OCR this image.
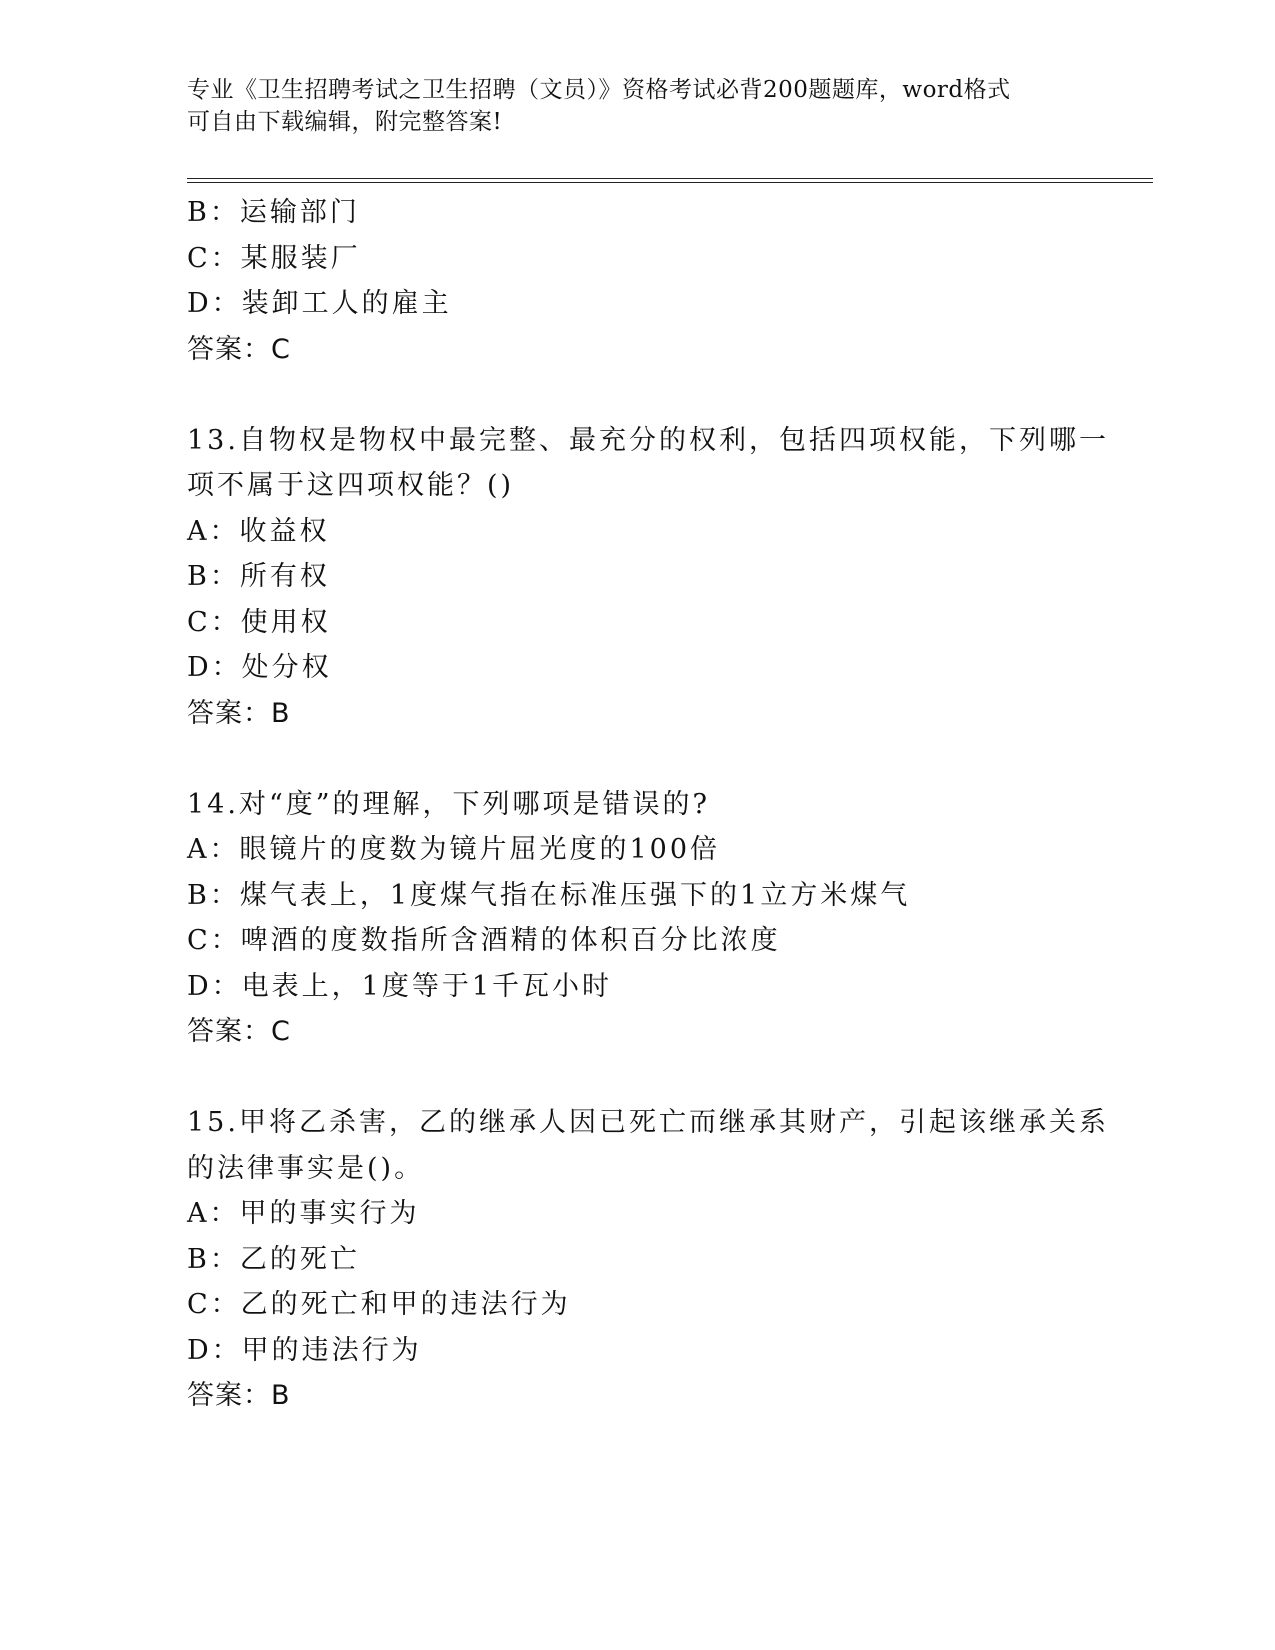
专业《卫生招聘考试之卫生招聘（文员）》资格考试必背200题题库，word格式
可自由下载编辑，附完整答案!
B：运输部门
C：某服装厂
D：装卸工人的雇主
答案：C
13.自物权是物权中最完整、最充分的权利，包括四项权能，下列哪一
项不属于这四项权能？()
A：收益权
B：所有权
C：使用权
D：处分权
答案：B
14.对“度”的理解，下列哪项是错误的?
A：眼镜片的度数为镜片屈光度的100倍
B：煤气表上，1度煤气指在标准压强下的1立方米煤气
C：啤酒的度数指所含酒精的体积百分比浓度
D：电表上，1度等于1千瓦小时
答案：C
15.甲将乙杀害，乙的继承人因已死亡而继承其财产，引起该继承关系
的法律事实是()。
A：甲的事实行为
B：乙的死亡
C：乙的死亡和甲的违法行为
D：甲的违法行为
答案：B
